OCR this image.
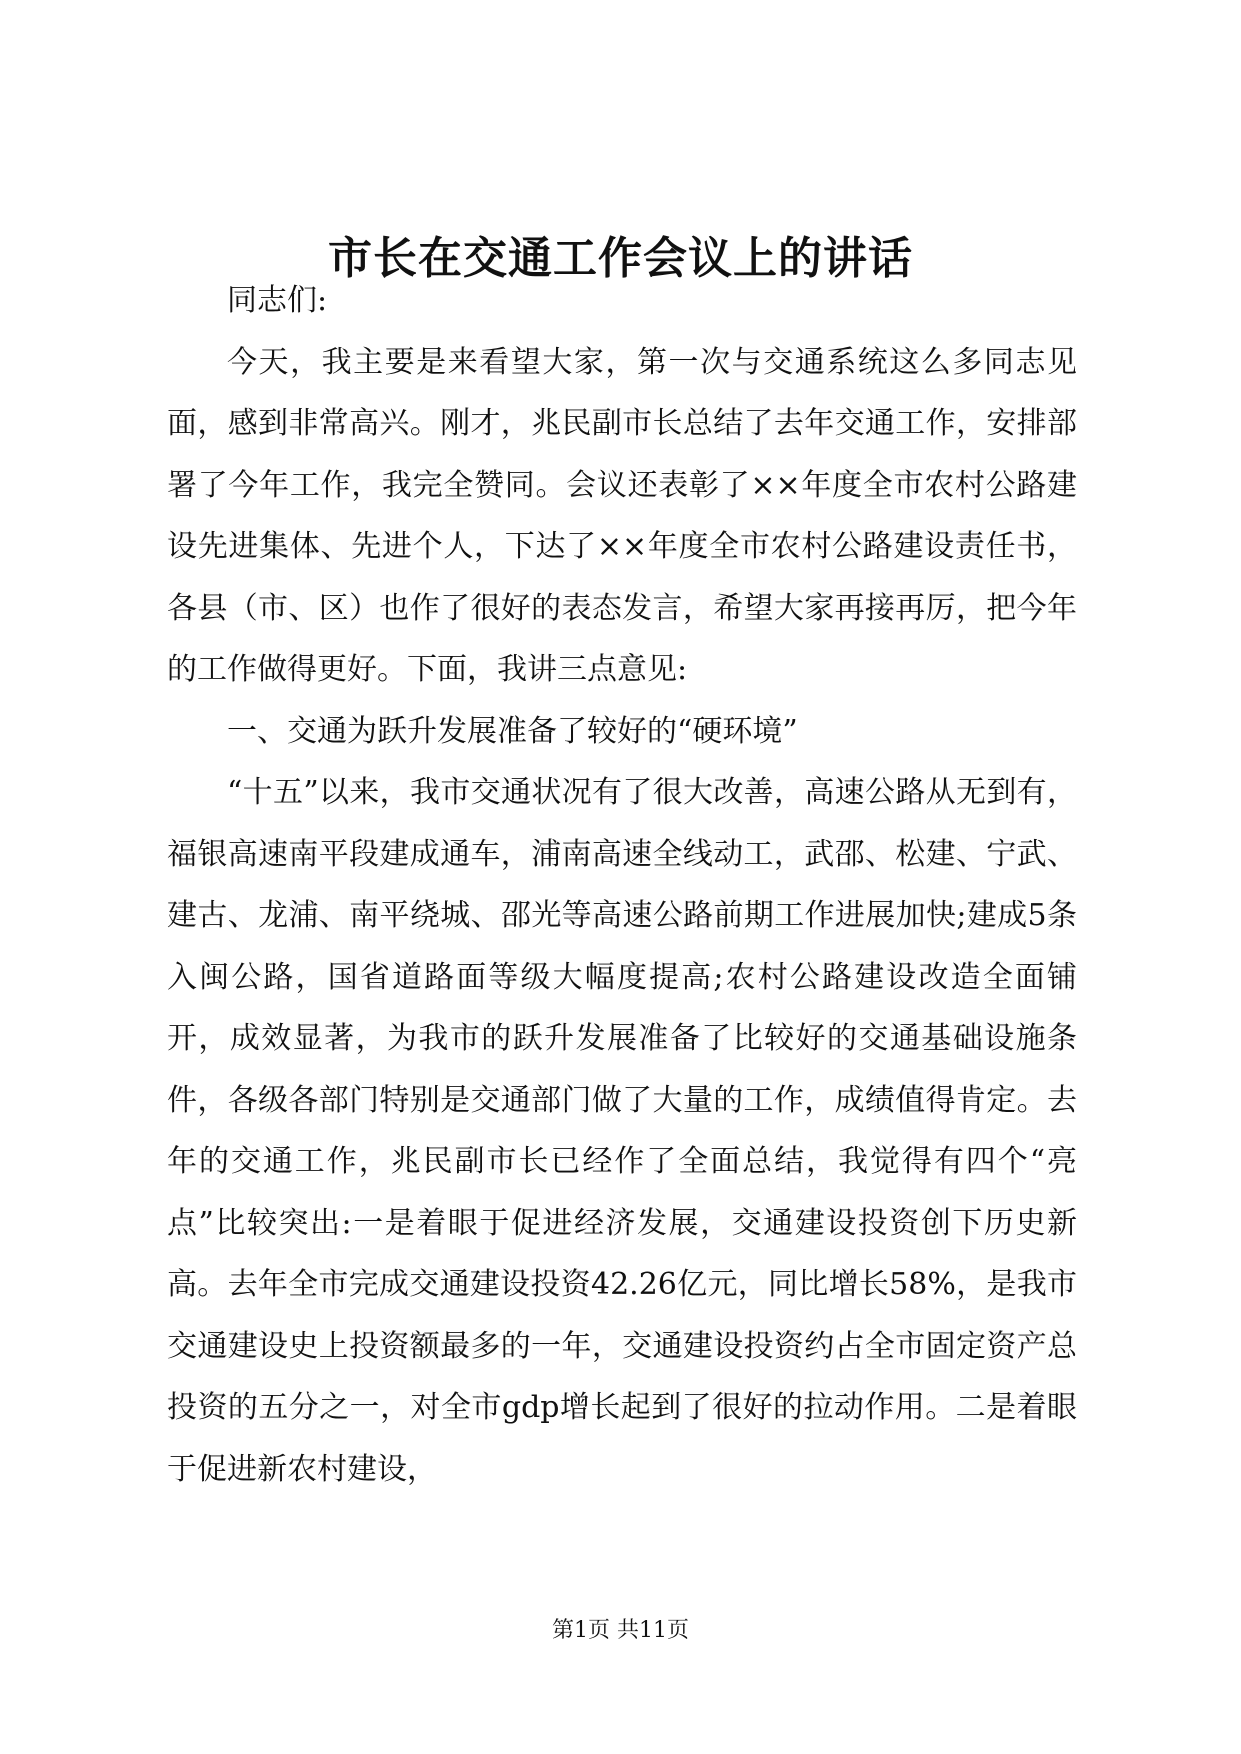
市长在交通工作会议上的讲话

同志们:

今天，我主要是来看望大家，第一次与交通系统这么多同志见面，感到非常高兴。刚才，兆民副市长总结了去年交通工作，安排部署了今年工作，我完全赞同。会议还表彰了××年度全市农村公路建设先进集体、先进个人，下达了××年度全市农村公路建设责任书，各县（市、区）也作了很好的表态发言，希望大家再接再厉，把今年的工作做得更好。下面，我讲三点意见:

一、交通为跃升发展准备了较好的“硬环境”

“十五”以来，我市交通状况有了很大改善，高速公路从无到有，福银高速南平段建成通车，浦南高速全线动工，武邵、松建、宁武、建古、龙浦、南平绕城、邵光等高速公路前期工作进展加快;建成5条入闽公路，国省道路面等级大幅度提高;农村公路建设改造全面铺开，成效显著，为我市的跃升发展准备了比较好的交通基础设施条件，各级各部门特别是交通部门做了大量的工作，成绩值得肯定。去年的交通工作，兆民副市长已经作了全面总结，我觉得有四个“亮点”比较突出:一是着眼于促进经济发展，交通建设投资创下历史新高。去年全市完成交通建设投资42.26亿元，同比增长58%，是我市交通建设史上投资额最多的一年，交通建设投资约占全市固定资产总投资的五分之一，对全市gdp增长起到了很好的拉动作用。二是着眼于促进新农村建设，

第1页 共11页
